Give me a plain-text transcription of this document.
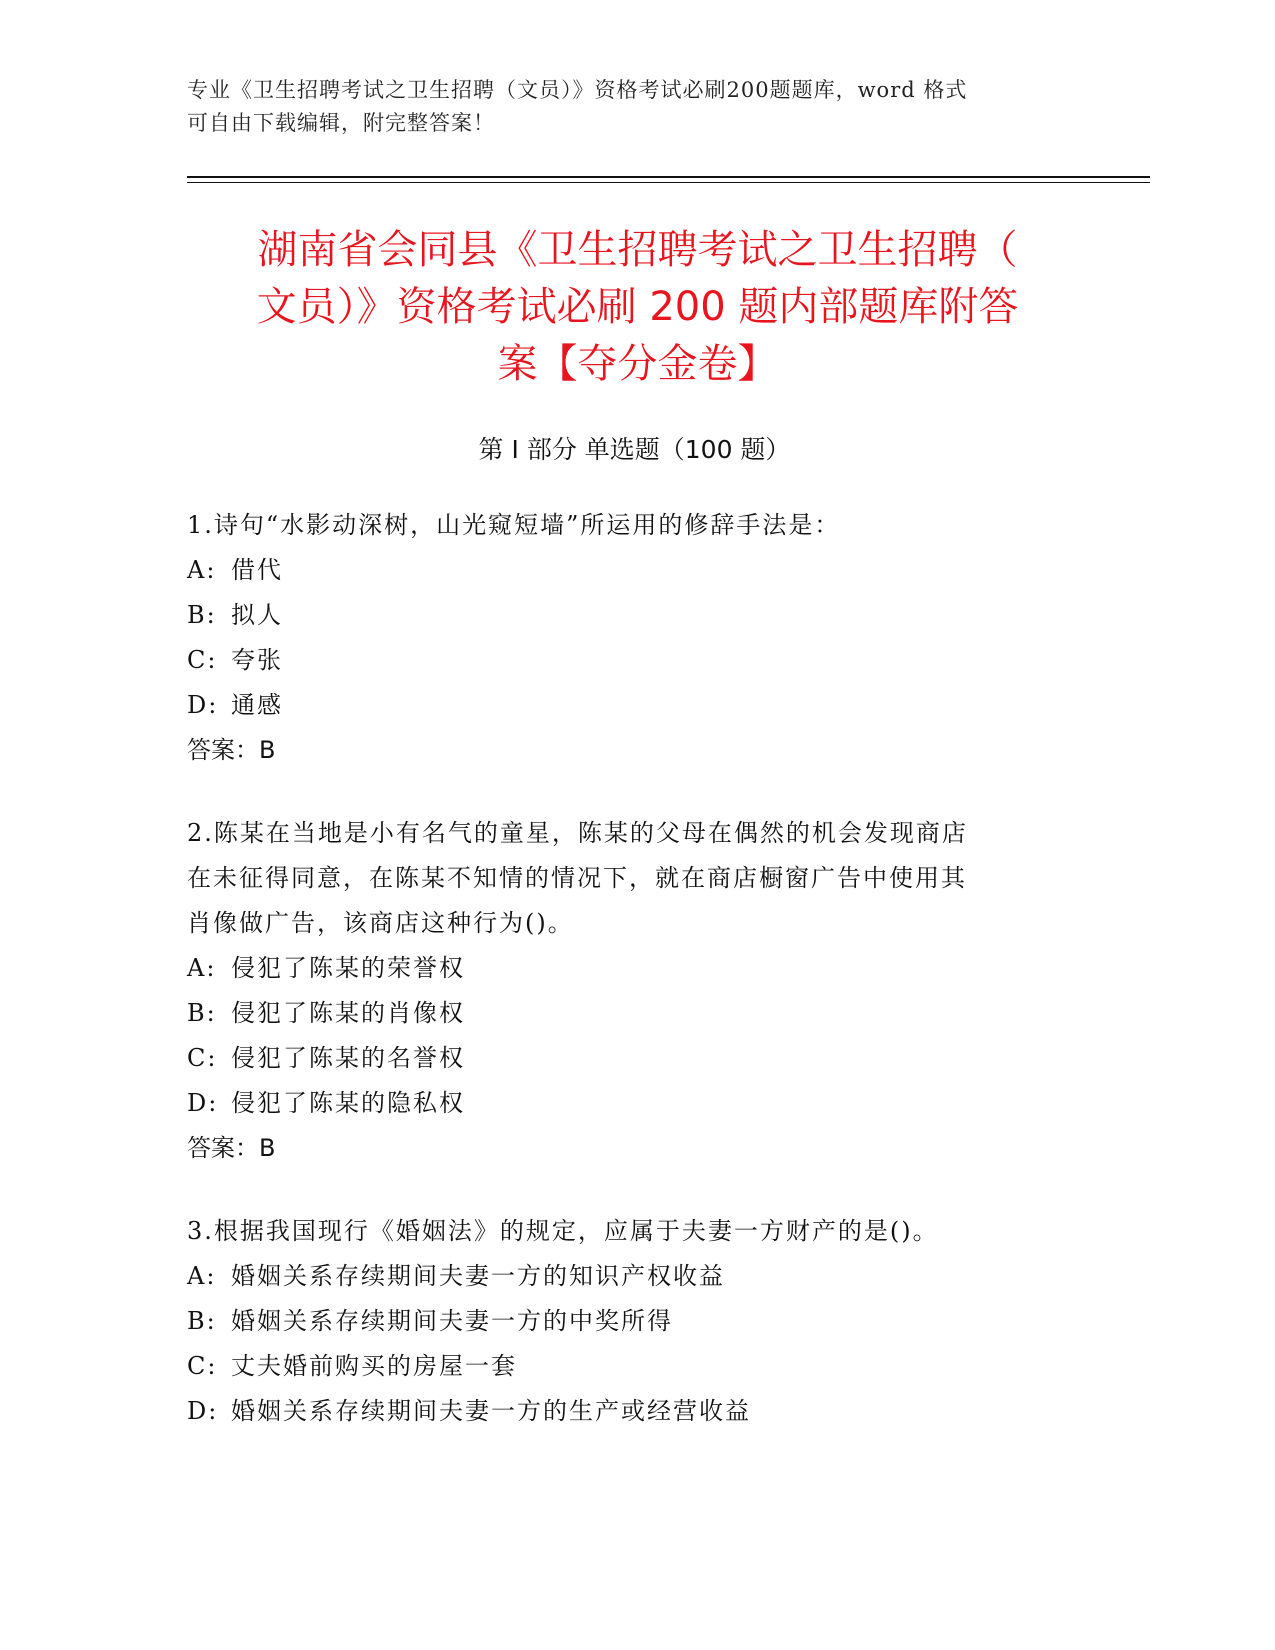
专业《卫生招聘考试之卫生招聘（文员）》资格考试必刷200题题库，word 格式
可自由下载编辑，附完整答案！
湖南省会同县《卫生招聘考试之卫生招聘（
文员）》资格考试必刷 200 题内部题库附答
案【夺分金卷】
第 I 部分 单选题（100 题）
1.诗句“水影动深树，山光窥短墙”所运用的修辞手法是：
A: 借代
B: 拟人
C: 夸张
D: 通感
答案：B
2.陈某在当地是小有名气的童星，陈某的父母在偶然的机会发现商店
在未征得同意，在陈某不知情的情况下，就在商店橱窗广告中使用其
肖像做广告，该商店这种行为()。
A: 侵犯了陈某的荣誉权
B: 侵犯了陈某的肖像权
C: 侵犯了陈某的名誉权
D: 侵犯了陈某的隐私权
答案：B
3.根据我国现行《婚姻法》的规定，应属于夫妻一方财产的是()。
A: 婚姻关系存续期间夫妻一方的知识产权收益
B: 婚姻关系存续期间夫妻一方的中奖所得
C: 丈夫婚前购买的房屋一套
D: 婚姻关系存续期间夫妻一方的生产或经营收益
